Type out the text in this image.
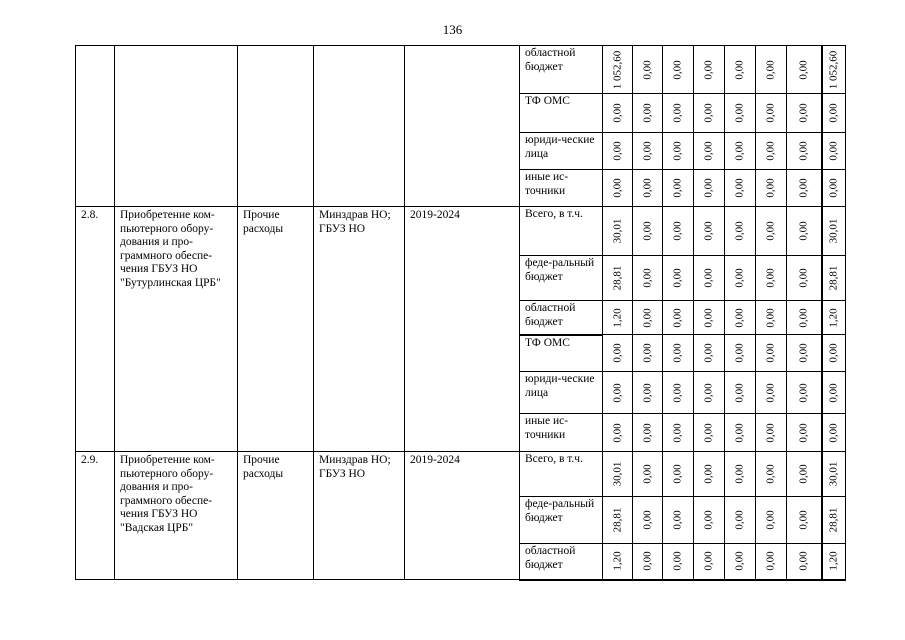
136
					областной бюджет	1 052,60	0,00	0,00	0,00	0,00	0,00	0,00	1 052,60	

					ТФ ОМС	0,00	0,00	0,00	0,00	0,00	0,00	0,00	0,00	

					юриди-ческие лица	0,00	0,00	0,00	0,00	0,00	0,00	0,00	0,00	

					иные ис-точники	0,00	0,00	0,00	0,00	0,00	0,00	0,00	0,00	

2.8.	Приобретение ком-пьютерного обору-дования и про-граммного обеспе-чения ГБУЗ НО "Бутурлинская ЦРБ"	Прочие расходы	Минздрав НО; ГБУЗ НО	2019-2024	Всего, в т.ч.	30,01	0,00	0,00	0,00	0,00	0,00	0,00	30,01	

					феде-ральный бюджет	28,81	0,00	0,00	0,00	0,00	0,00	0,00	28,81	

					областной бюджет	1,20	0,00	0,00	0,00	0,00	0,00	0,00	1,20	

					ТФ ОМС	0,00	0,00	0,00	0,00	0,00	0,00	0,00	0,00	

					юриди-ческие лица	0,00	0,00	0,00	0,00	0,00	0,00	0,00	0,00	

					иные ис-точники	0,00	0,00	0,00	0,00	0,00	0,00	0,00	0,00	

2.9.	Приобретение ком-пьютерного обору-дования и про-граммного обеспе-чения ГБУЗ НО "Вадская ЦРБ"	Прочие расходы	Минздрав НО; ГБУЗ НО	2019-2024	Всего, в т.ч.	30,01	0,00	0,00	0,00	0,00	0,00	0,00	30,01	

					феде-ральный бюджет	28,81	0,00	0,00	0,00	0,00	0,00	0,00	28,81	

					областной бюджет	1,20	0,00	0,00	0,00	0,00	0,00	0,00	1,20	
